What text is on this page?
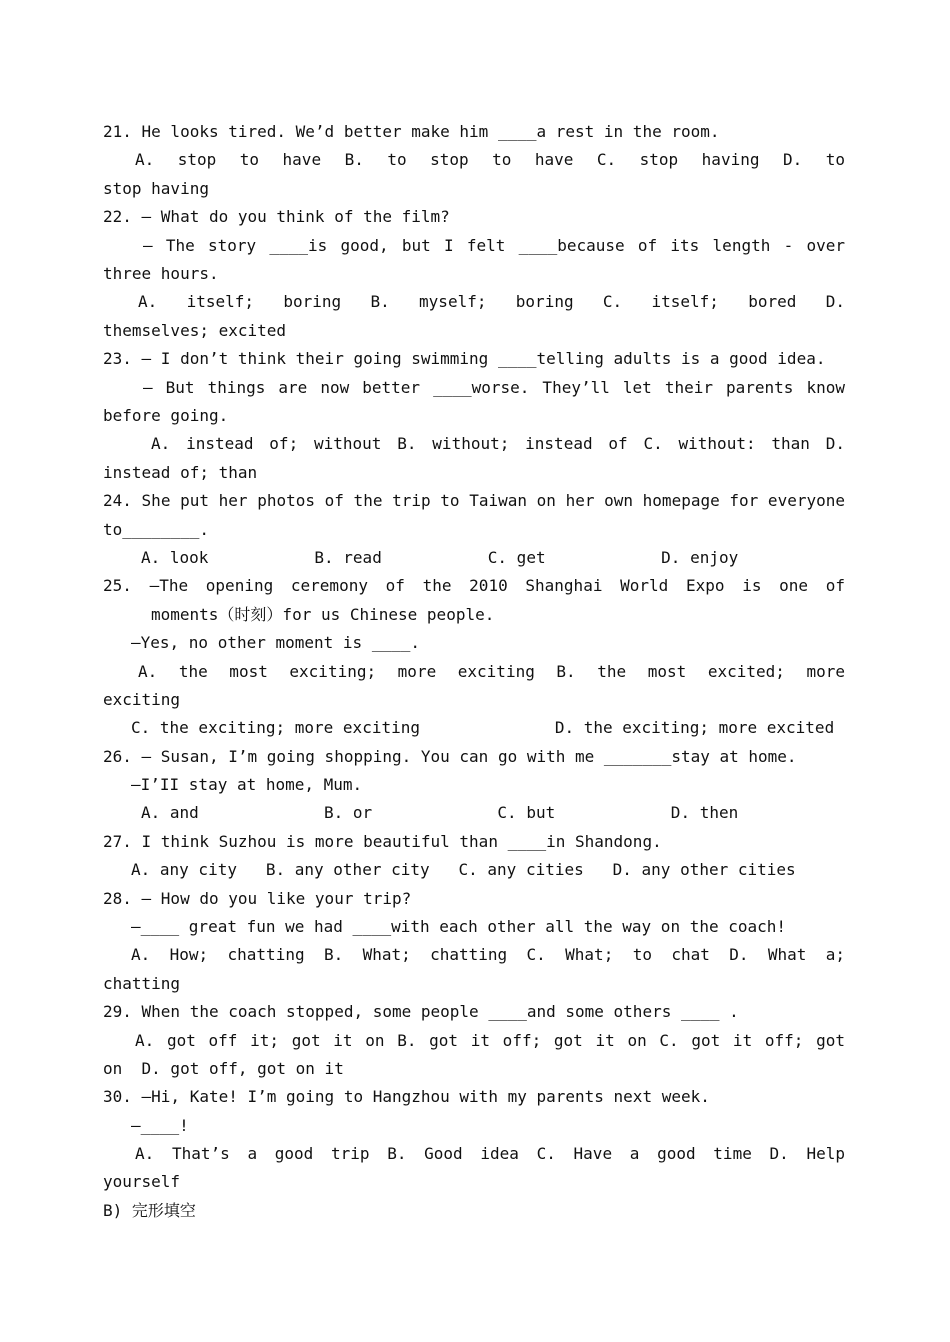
21. He looks tired. We’d better make him ____a rest in the room.
A. stop to have B. to stop to have C. stop having D. to
stop having
22. — What do you think of the film?
— The story ____is good, but I felt ____because of its length - over
three hours.
A. itself; boring B. myself; boring C. itself; bored D.
themselves; excited
23. — I don’t think their going swimming ____telling adults is a good idea.
— But things are now better ____worse. They’ll let their parents know
before going.
A. instead of; without B. without; instead of C. without: than D.
instead of; than
24. She put her photos of the trip to Taiwan on her own homepage for everyone
to________.
A. look           B. read           C. get            D. enjoy
25. —The opening ceremony of the 2010 Shanghai World Expo is one of
moments（时刻）for us Chinese people.
—Yes, no other moment is ____.
A. the most exciting; more exciting B. the most excited; more
exciting
C. the exciting; more exciting              D. the exciting; more excited
26. — Susan, I’m going shopping. You can go with me _______stay at home.
—I’II stay at home, Mum.
A. and             B. or             C. but            D. then
27. I think Suzhou is more beautiful than ____in Shandong.
A. any city   B. any other city   C. any cities   D. any other cities
28. — How do you like your trip?
—____ great fun we had ____with each other all the way on the coach!
A. How; chatting B. What; chatting C. What; to chat D. What a;
chatting
29. When the coach stopped, some people ____and some others ____ .
A. got off it; got it on B. got it off; got it on C. got it off; got
on  D. got off, got on it
30. —Hi, Kate! I’m going to Hangzhou with my parents next week.
—____!
A. That’s a good trip B. Good idea C. Have a good time D. Help
yourself
B) 完形填空
